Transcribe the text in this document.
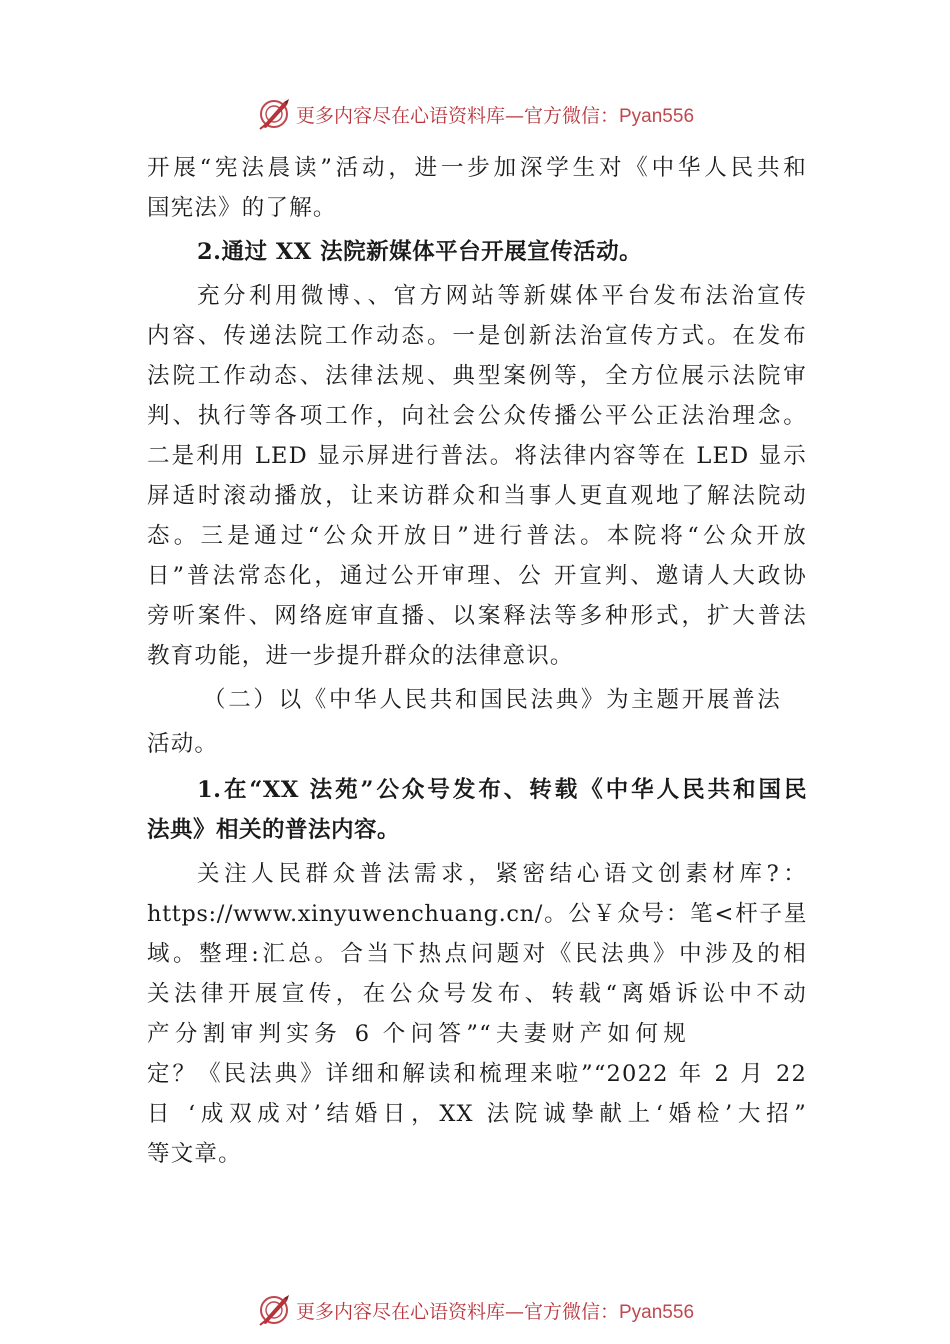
更多内容尽在心语资料库—官方微信：Pyan556
开展“宪法晨读”活动，进一步加深学生对《中华人民共和
国宪法》的了解。
2.通过 XX 法院新媒体平台开展宣传活动。
充分利用微博、、官方网站等新媒体平台发布法治宣传
内容、传递法院工作动态。一是创新法治宣传方式。在发布
法院工作动态、法律法规、典型案例等，全方位展示法院审
判、执行等各项工作，向社会公众传播公平公正法治理念。
二是利用 LED 显示屏进行普法。将法律内容等在 LED 显示
屏适时滚动播放，让来访群众和当事人更直观地了解法院动
态。三是通过“公众开放日”进行普法。本院将“公众开放
日”普法常态化，通过公开审理、公 开宣判、邀请人大政协
旁听案件、网络庭审直播、以案释法等多种形式，扩大普法
教育功能，进一步提升群众的法律意识。
（二）以《中华人民共和国民法典》为主题开展普法
活动。
1.在“XX 法苑”公众号发布、转载《中华人民共和国民
法典》相关的普法内容。
关注人民群众普法需求，紧密结心语文创素材库?：
https://www.xinyuwenchuang.cn/。公￥众号：笔<杆子星
域。整理:汇总。合当下热点问题对《民法典》中涉及的相
关法律开展宣传，在公众号发布、转载“离婚诉讼中不动
产分割审判实务 6 个问答”“夫妻财产如何规
定？《民法典》详细和解读和梳理来啦”“2022 年 2 月 22
日 ‘成双成对’结婚日，XX 法院诚挚献上‘婚检’大招”
等文章。
更多内容尽在心语资料库—官方微信：Pyan556
